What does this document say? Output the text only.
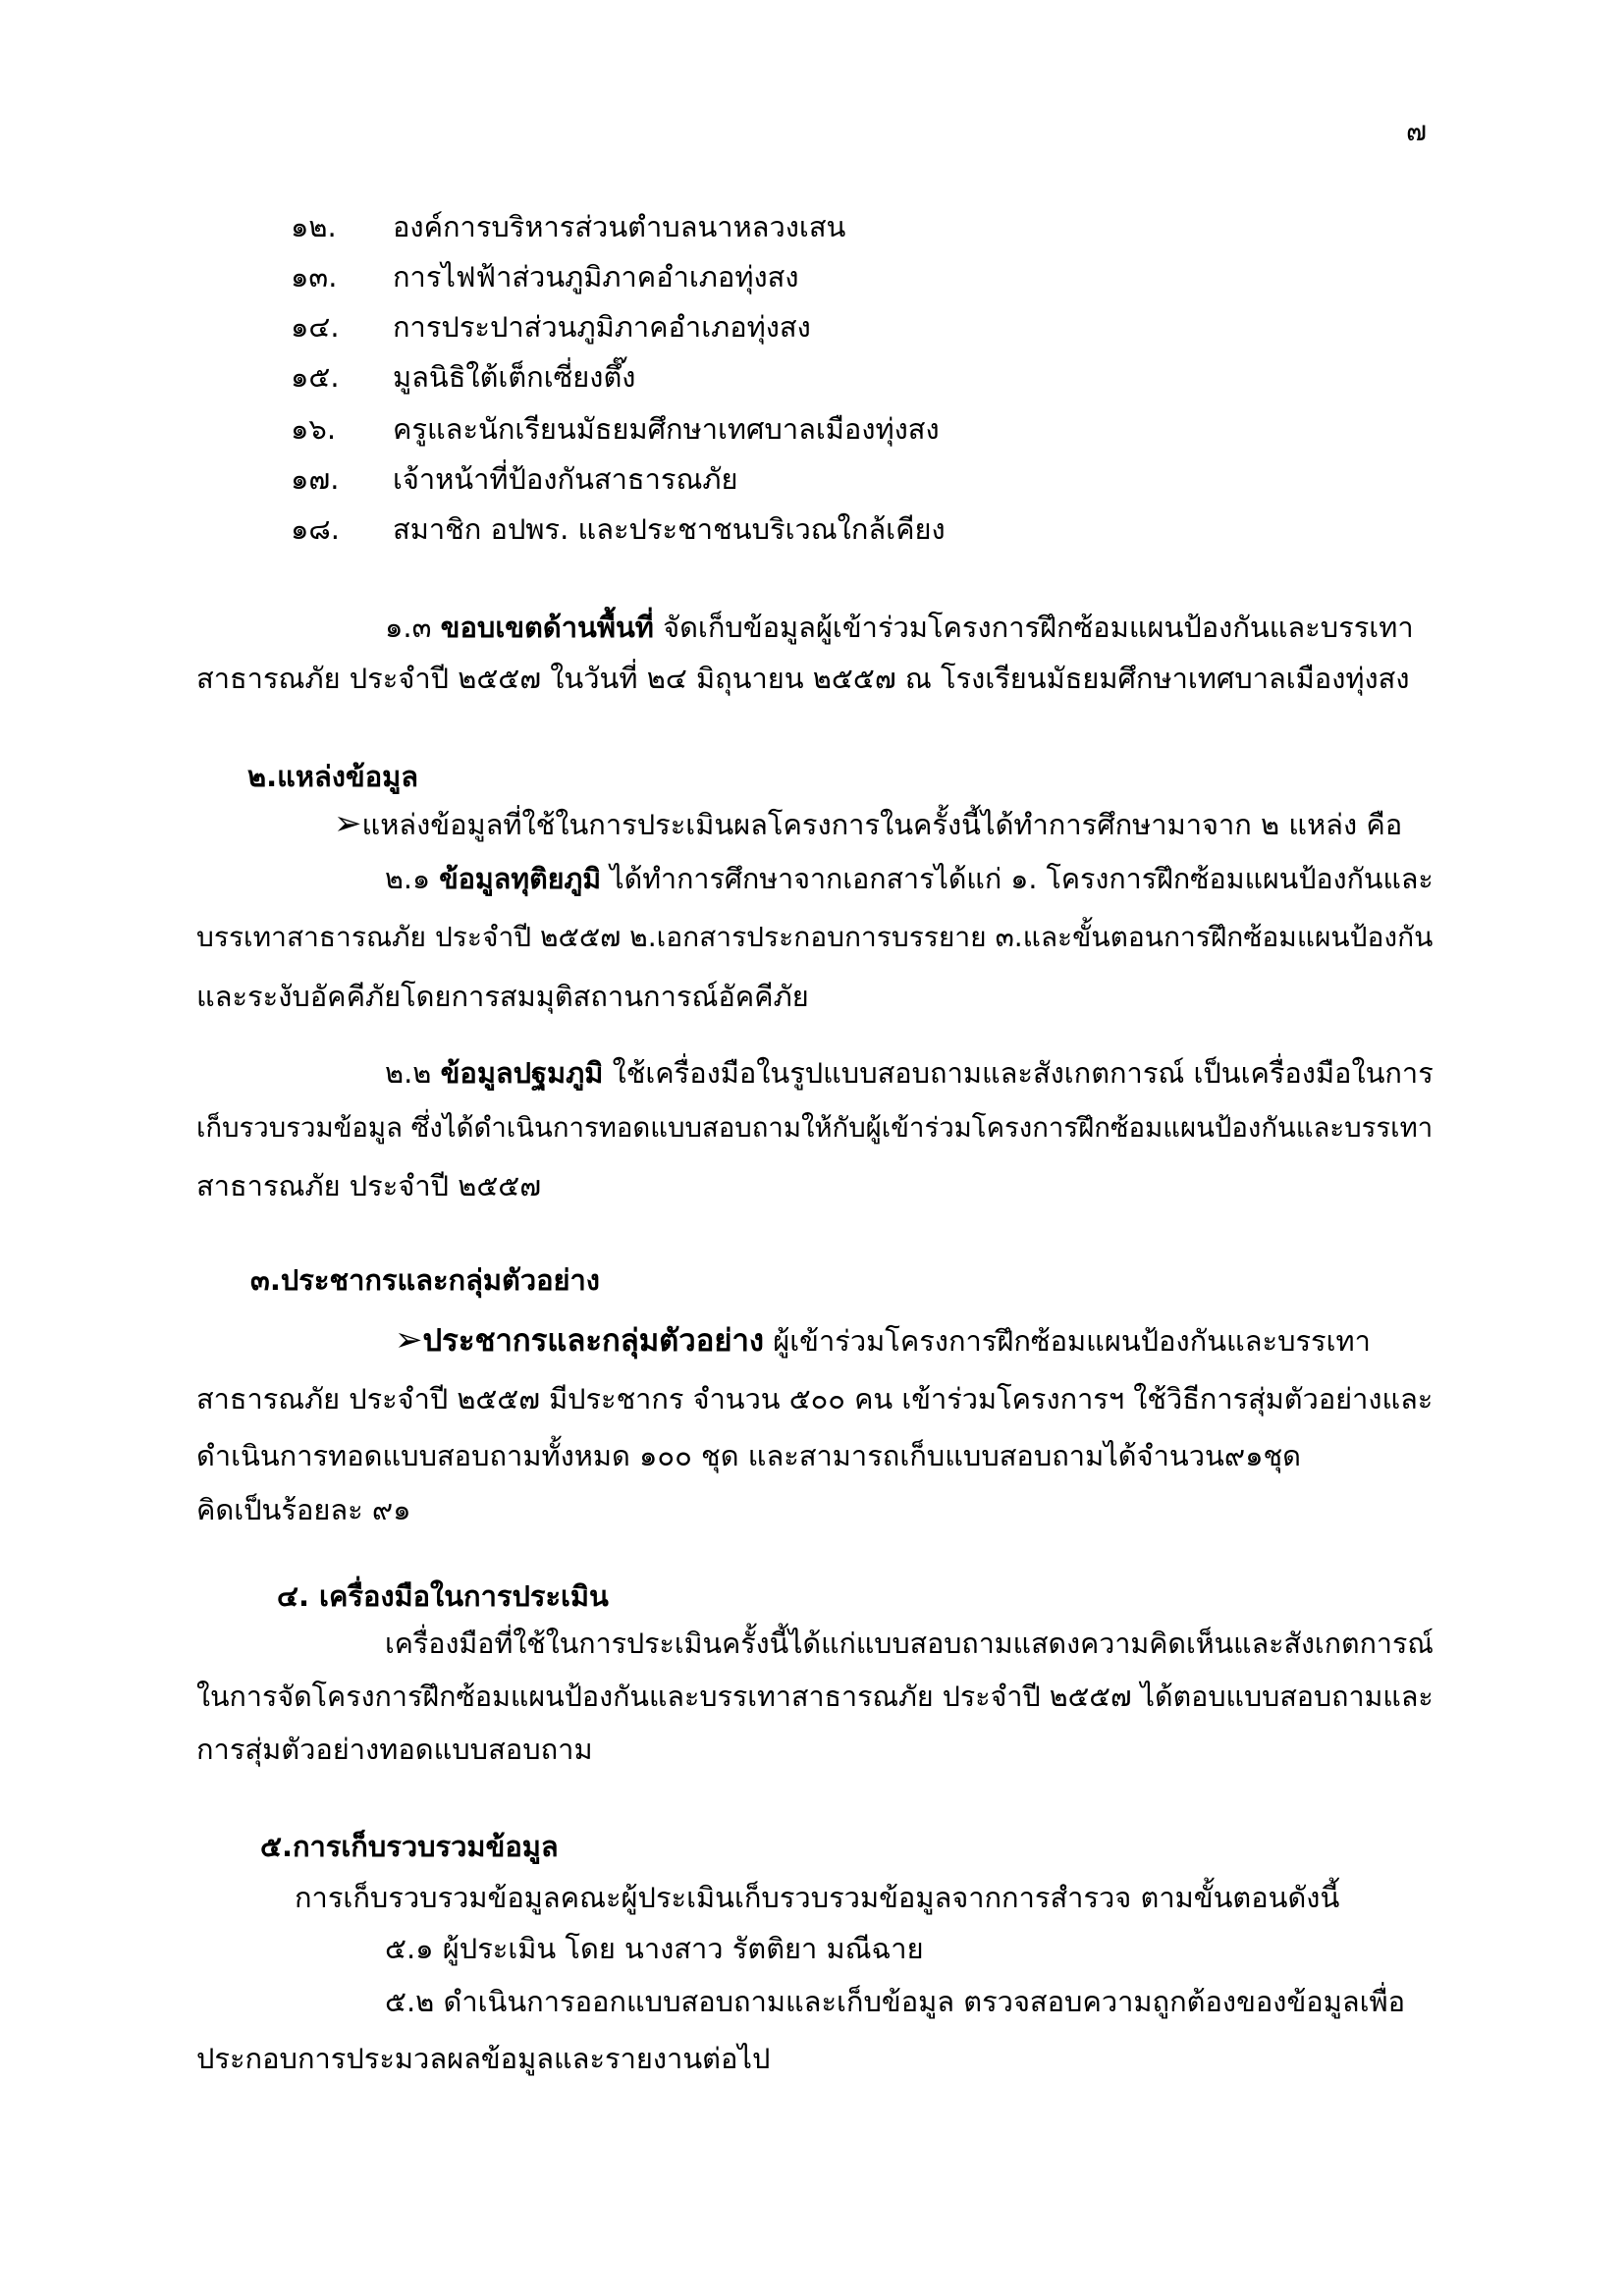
๗
๑๒. องค์การบริหารส่วนตำบลนาหลวงเสน
๑๓. การไฟฟ้าส่วนภูมิภาคอำเภอทุ่งสง
๑๔. การประปาส่วนภูมิภาคอำเภอทุ่งสง
๑๕. มูลนิธิใต้เต็กเซี่ยงตึ๊ง
๑๖. ครูและนักเรียนมัธยมศึกษาเทศบาลเมืองทุ่งสง
๑๗. เจ้าหน้าที่ป้องกันสาธารณภัย
๑๘. สมาชิก อปพร. และประชาชนบริเวณใกล้เคียง
๑.๓ ขอบเขตด้านพื้นที่ จัดเก็บข้อมูลผู้เข้าร่วมโครงการฝึกซ้อมแผนป้องกันและบรรเทา
สาธารณภัย ประจำปี ๒๕๕๗ ในวันที่ ๒๔ มิถุนายน ๒๕๕๗ ณ โรงเรียนมัธยมศึกษาเทศบาลเมืองทุ่งสง
๒.แหล่งข้อมูล
➢แหล่งข้อมูลที่ใช้ในการประเมินผลโครงการในครั้งนี้ได้ทำการศึกษามาจาก ๒ แหล่ง คือ
๒.๑ ข้อมูลทุติยภูมิ ได้ทำการศึกษาจากเอกสารได้แก่ ๑. โครงการฝึกซ้อมแผนป้องกันและ
บรรเทาสาธารณภัย ประจำปี ๒๕๕๗ ๒.เอกสารประกอบการบรรยาย ๓.และขั้นตอนการฝึกซ้อมแผนป้องกัน
และระงับอัคคีภัยโดยการสมมุติสถานการณ์อัคคีภัย
๒.๒ ข้อมูลปฐมภูมิ ใช้เครื่องมือในรูปแบบสอบถามและสังเกตการณ์ เป็นเครื่องมือในการ
เก็บรวบรวมข้อมูล ซึ่งได้ดำเนินการทอดแบบสอบถามให้กับผู้เข้าร่วมโครงการฝึกซ้อมแผนป้องกันและบรรเทา
สาธารณภัย ประจำปี ๒๕๕๗
๓.ประชากรและกลุ่มตัวอย่าง
➢ประชากรและกลุ่มตัวอย่าง ผู้เข้าร่วมโครงการฝึกซ้อมแผนป้องกันและบรรเทา
สาธารณภัย ประจำปี ๒๕๕๗ มีประชากร จำนวน ๕๐๐ คน เข้าร่วมโครงการฯ ใช้วิธีการสุ่มตัวอย่างและ
ดำเนินการทอดแบบสอบถามทั้งหมด ๑๐๐ ชุด และสามารถเก็บแบบสอบถามได้จำนวน๙๑ชุด
คิดเป็นร้อยละ ๙๑
๔. เครื่องมือในการประเมิน
เครื่องมือที่ใช้ในการประเมินครั้งนี้ได้แก่แบบสอบถามแสดงความคิดเห็นและสังเกตการณ์
ในการจัดโครงการฝึกซ้อมแผนป้องกันและบรรเทาสาธารณภัย ประจำปี ๒๕๕๗ ได้ตอบแบบสอบถามและ
การสุ่มตัวอย่างทอดแบบสอบถาม
๕.การเก็บรวบรวมข้อมูล
การเก็บรวบรวมข้อมูลคณะผู้ประเมินเก็บรวบรวมข้อมูลจากการสำรวจ ตามขั้นตอนดังนี้
๕.๑ ผู้ประเมิน โดย นางสาว รัตติยา มณีฉาย
๕.๒ ดำเนินการออกแบบสอบถามและเก็บข้อมูล ตรวจสอบความถูกต้องของข้อมูลเพื่อ
ประกอบการประมวลผลข้อมูลและรายงานต่อไป
